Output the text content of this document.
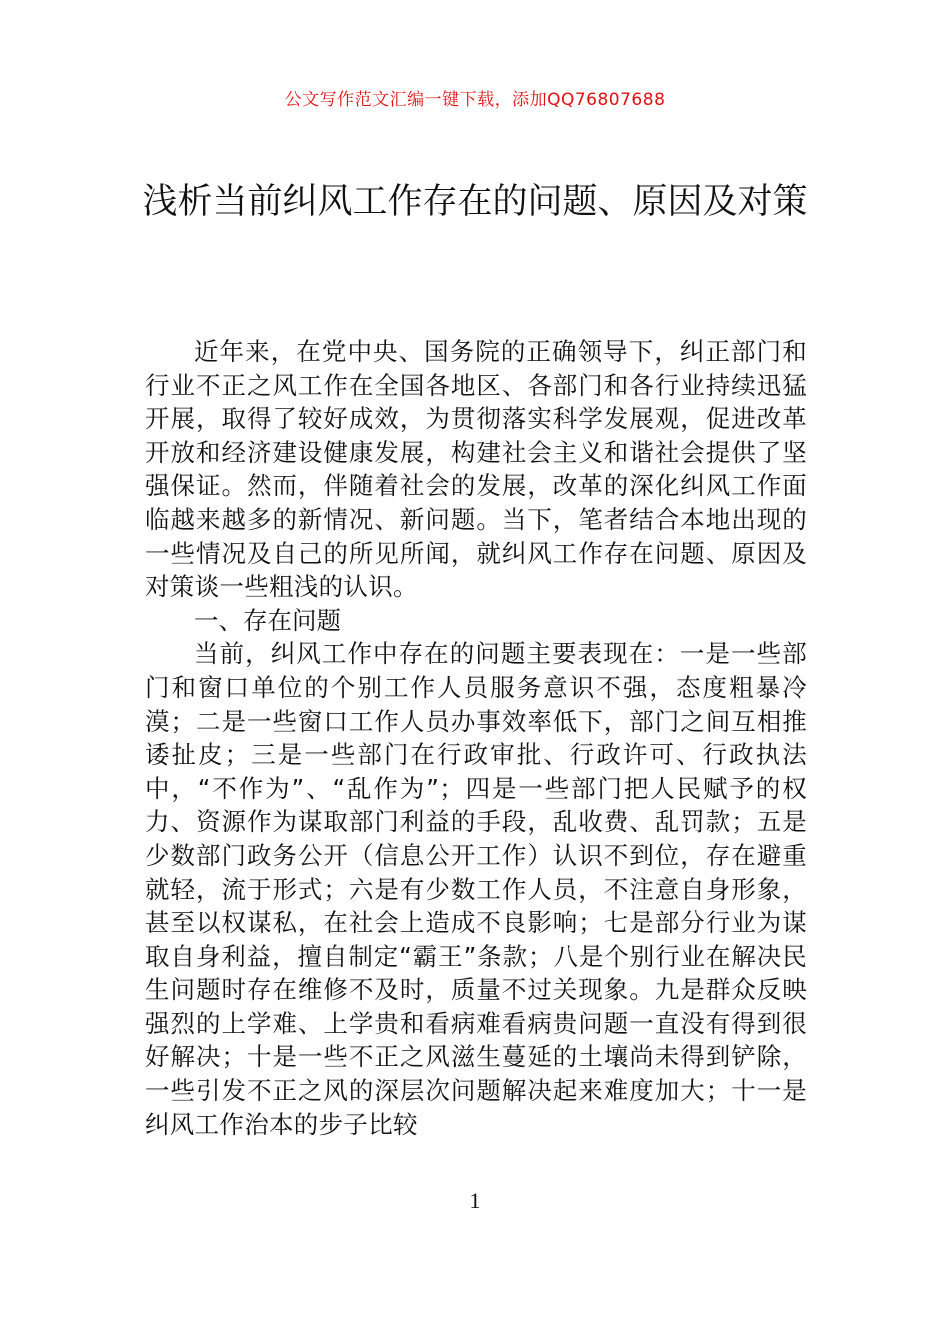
公文写作范文汇编一键下载，添加QQ76807688
浅析当前纠风工作存在的问题、原因及对策

近年来，在党中央、国务院的正确领导下，纠正部门和行业不正之风工作在全国各地区、各部门和各行业持续迅猛开展，取得了较好成效，为贯彻落实科学发展观，促进改革开放和经济建设健康发展，构建社会主义和谐社会提供了坚强保证。然而，伴随着社会的发展，改革的深化纠风工作面临越来越多的新情况、新问题。当下，笔者结合本地出现的一些情况及自己的所见所闻，就纠风工作存在问题、原因及对策谈一些粗浅的认识。

一、存在问题

当前，纠风工作中存在的问题主要表现在：一是一些部门和窗口单位的个别工作人员服务意识不强，态度粗暴冷漠；二是一些窗口工作人员办事效率低下，部门之间互相推诿扯皮；三是一些部门在行政审批、行政许可、行政执法中，“不作为”、“乱作为”；四是一些部门把人民赋予的权力、资源作为谋取部门利益的手段，乱收费、乱罚款；五是少数部门政务公开（信息公开工作）认识不到位，存在避重就轻，流于形式；六是有少数工作人员，不注意自身形象，甚至以权谋私，在社会上造成不良影响；七是部分行业为谋取自身利益，擅自制定“霸王”条款；八是个别行业在解决民生问题时存在维修不及时，质量不过关现象。九是群众反映强烈的上学难、上学贵和看病难看病贵问题一直没有得到很好解决；十是一些不正之风滋生蔓延的土壤尚未得到铲除，一些引发不正之风的深层次问题解决起来难度加大；十一是纠风工作治本的步子比较

1
